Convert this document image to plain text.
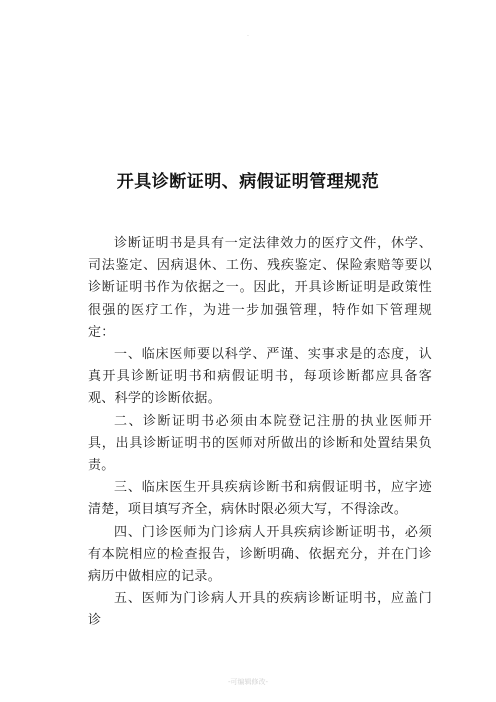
.
开具诊断证明、病假证明管理规范

诊断证明书是具有一定法律效力的医疗文件，休学、司法鉴定、因病退休、工伤、残疾鉴定、保险索赔等要以诊断证明书作为依据之一。因此，开具诊断证明是政策性很强的医疗工作，为进一步加强管理，特作如下管理规定：

一、临床医师要以科学、严谨、实事求是的态度，认真开具诊断证明书和病假证明书，每项诊断都应具备客观、科学的诊断依据。

二、诊断证明书必须由本院登记注册的执业医师开具，出具诊断证明书的医师对所做出的诊断和处置结果负责。

三、临床医生开具疾病诊断书和病假证明书，应字迹清楚，项目填写齐全，病休时限必须大写，不得涂改。

四、门诊医师为门诊病人开具疾病诊断证明书，必须有本院相应的检查报告，诊断明确、依据充分，并在门诊病历中做相应的记录。

五、医师为门诊病人开具的疾病诊断证明书，应盖门诊

-可编辑修改-
